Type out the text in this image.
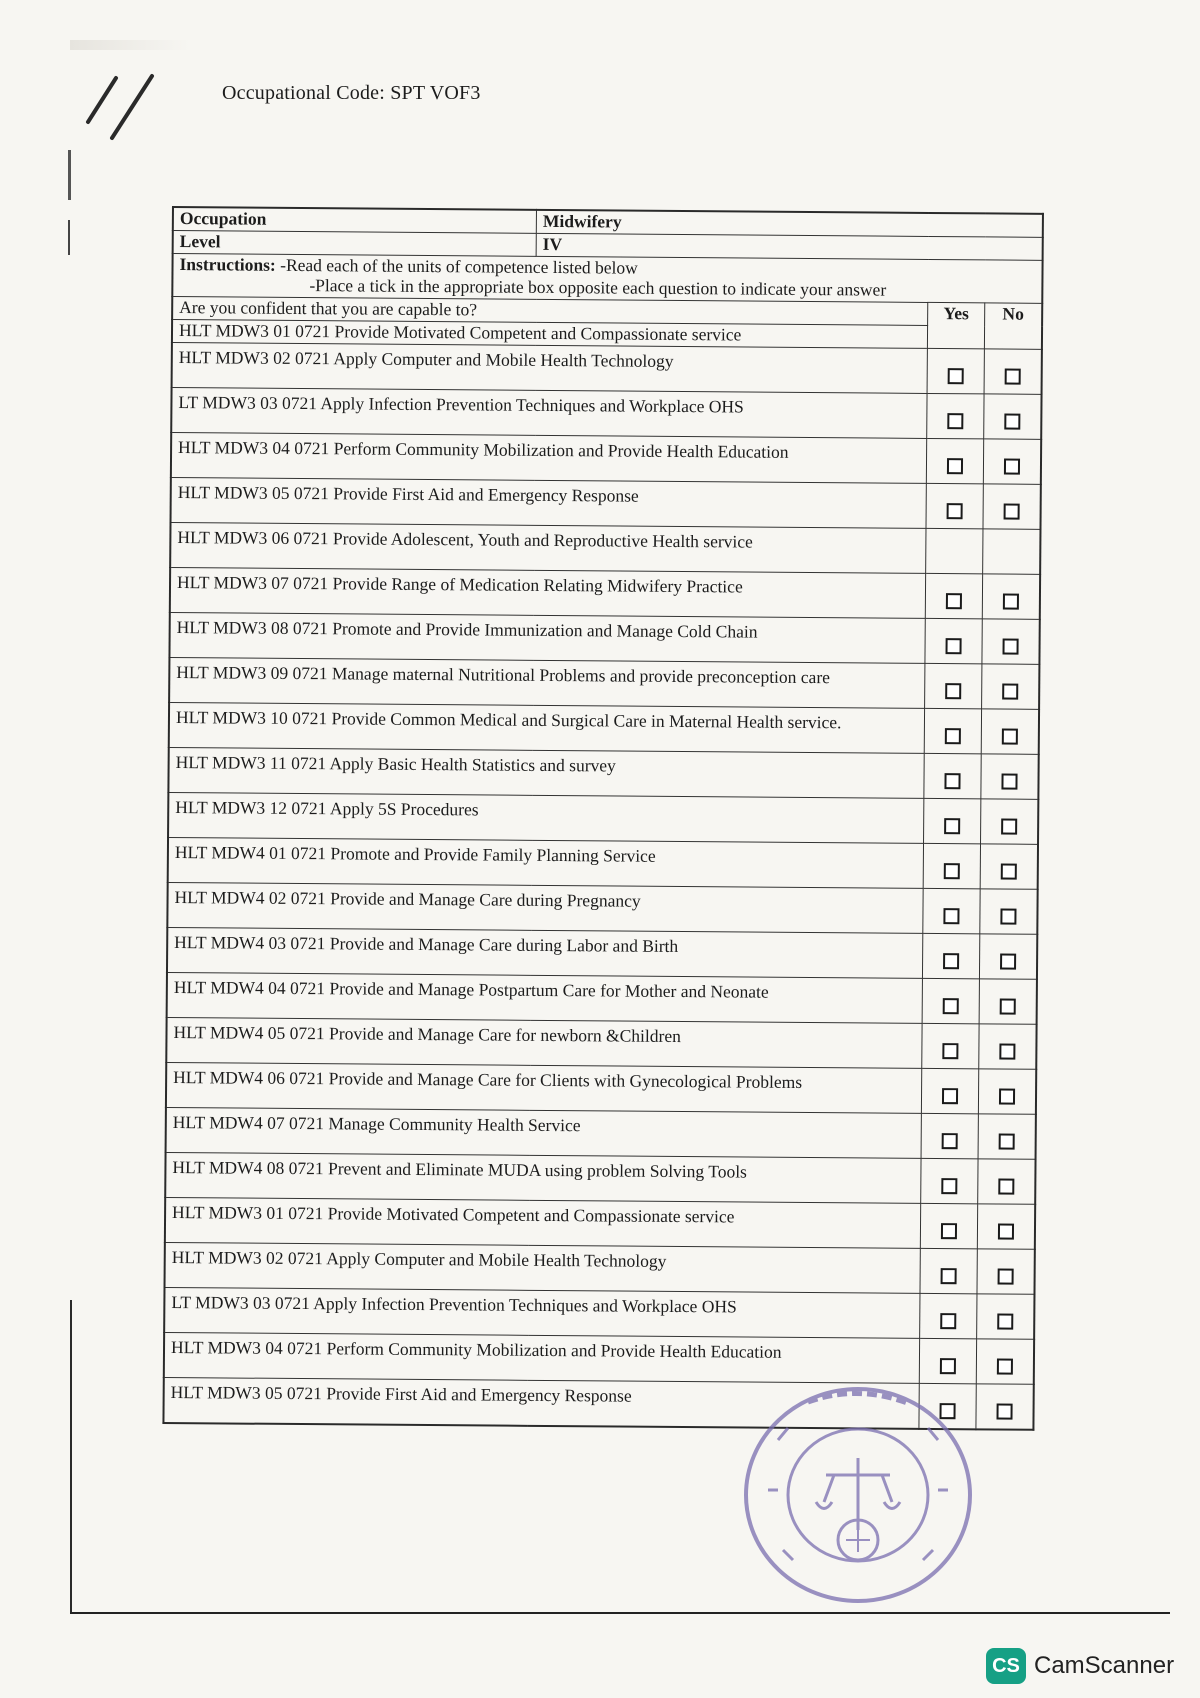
Occupational Code: SPT VOF3
Occupation	Midwifery		
Level	IV		
Instructions: -Read each of the units of competence listed below
-Place a tick in the appropriate box opposite each question to indicate your answer			

Are you confident that you are capable to?		Yes	No
HLT MDW3 01 0721 Provide Motivated Competent and Compassionate service			
HLT MDW3 02 0721 Apply Computer and Mobile Health Technology			
LT MDW3 03 0721 Apply Infection Prevention Techniques and Workplace OHS			
HLT MDW3 04 0721 Perform Community Mobilization and Provide Health Education			
HLT MDW3 05 0721 Provide First Aid and Emergency Response			
HLT MDW3 06 0721 Provide Adolescent, Youth and Reproductive Health service			
HLT MDW3 07 0721 Provide Range of Medication Relating Midwifery Practice			
HLT MDW3 08 0721 Promote and Provide Immunization and Manage Cold Chain			
HLT MDW3 09 0721 Manage maternal Nutritional Problems and provide preconception care			
HLT MDW3 10 0721 Provide Common Medical and Surgical Care in Maternal Health service.			
HLT MDW3 11 0721 Apply Basic Health Statistics and survey			
HLT MDW3 12 0721 Apply 5S Procedures			
HLT MDW4 01 0721 Promote and Provide Family Planning Service			
HLT MDW4 02 0721 Provide and Manage Care during Pregnancy			
HLT MDW4 03 0721 Provide and Manage Care during Labor and Birth			
HLT MDW4 04 0721 Provide and Manage Postpartum Care for Mother and Neonate			
HLT MDW4 05 0721 Provide and Manage Care for newborn &Children			
HLT MDW4 06 0721 Provide and Manage Care for Clients with Gynecological Problems			
HLT MDW4 07 0721 Manage Community Health Service			
HLT MDW4 08 0721 Prevent and Eliminate MUDA using problem Solving Tools			
HLT MDW3 01 0721 Provide Motivated Competent and Compassionate service			
HLT MDW3 02 0721 Apply Computer and Mobile Health Technology			
LT MDW3 03 0721 Apply Infection Prevention Techniques and Workplace OHS			
HLT MDW3 04 0721 Perform Community Mobilization and Provide Health Education			
HLT MDW3 05 0721 Provide First Aid and Emergency Response			
CS CamScanner
